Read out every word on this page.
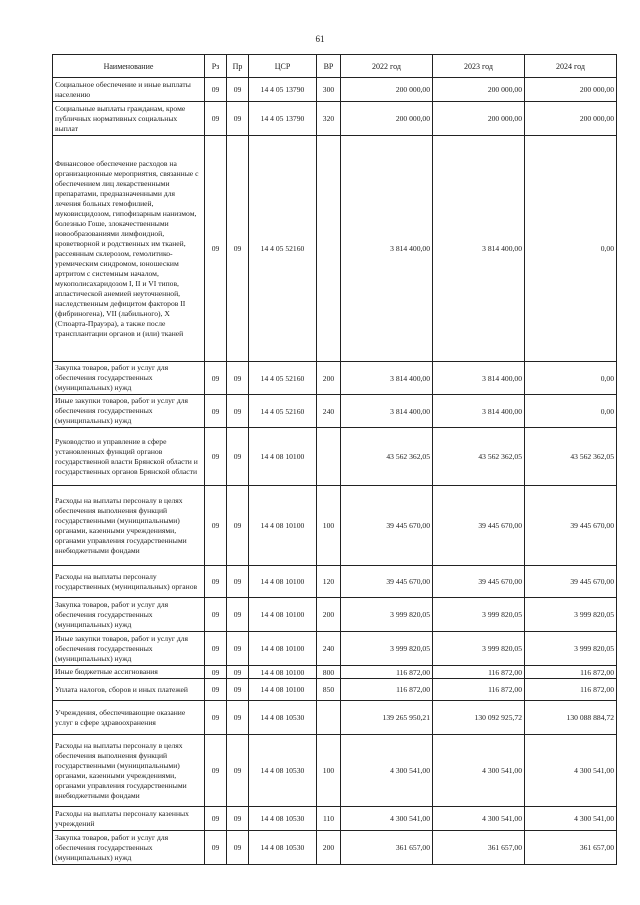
61
Наименование	Рз	Пр	ЦСР	ВР	2022 год	2023 год	2024 год
Социальное обеспечение и иные выплаты населению	09	09	14 4 05 13790	300	200 000,00	200 000,00	200 000,00
Социальные выплаты гражданам, кроме публичных нормативных социальных выплат	09	09	14 4 05 13790	320	200 000,00	200 000,00	200 000,00
Финансовое обеспечение расходов на организационные мероприятия, связанные с обеспечением лиц лекарственными препаратами, предназначенными для лечения больных гемофилией, муковисцидозом, гипофизарным нанизмом, болезнью Гоше, злокачественными новообразованиями лимфоидной, кроветворной и родственных им тканей, рассеянным склерозом, гемолитико-уремическим синдромом, юношеским артритом с системным началом, мукополисахаридозом I, II и VI типов, апластической анемией неуточненной, наследственным дефицитом факторов II (фибриногена), VII (лабильного), X (Стюарта-Прауэра), а также после трансплантации органов и (или) тканей	09	09	14 4 05 52160		3 814 400,00	3 814 400,00	0,00
Закупка товаров, работ и услуг для обеспечения государственных (муниципальных) нужд	09	09	14 4 05 52160	200	3 814 400,00	3 814 400,00	0,00
Иные закупки товаров, работ и услуг для обеспечения государственных (муниципальных) нужд	09	09	14 4 05 52160	240	3 814 400,00	3 814 400,00	0,00
Руководство и управление в сфере установленных функций органов государственной власти Брянской области и государственных органов Брянской области	09	09	14 4 08 10100		43 562 362,05	43 562 362,05	43 562 362,05
Расходы на выплаты персоналу в целях обеспечения выполнения функций государственными (муниципальными) органами, казенными учреждениями, органами управления государственными внебюджетными фондами	09	09	14 4 08 10100	100	39 445 670,00	39 445 670,00	39 445 670,00
Расходы на выплаты персоналу государственных (муниципальных) органов	09	09	14 4 08 10100	120	39 445 670,00	39 445 670,00	39 445 670,00
Закупка товаров, работ и услуг для обеспечения государственных (муниципальных) нужд	09	09	14 4 08 10100	200	3 999 820,05	3 999 820,05	3 999 820,05
Иные закупки товаров, работ и услуг для обеспечения государственных (муниципальных) нужд	09	09	14 4 08 10100	240	3 999 820,05	3 999 820,05	3 999 820,05
Иные бюджетные ассигнования	09	09	14 4 08 10100	800	116 872,00	116 872,00	116 872,00
Уплата налогов, сборов и иных платежей	09	09	14 4 08 10100	850	116 872,00	116 872,00	116 872,00
Учреждения, обеспечивающие оказание услуг в сфере здравоохранения	09	09	14 4 08 10530		139 265 950,21	130 092 925,72	130 088 884,72
Расходы на выплаты персоналу в целях обеспечения выполнения функций государственными (муниципальными) органами, казенными учреждениями, органами управления государственными внебюджетными фондами	09	09	14 4 08 10530	100	4 300 541,00	4 300 541,00	4 300 541,00
Расходы на выплаты персоналу казенных учреждений	09	09	14 4 08 10530	110	4 300 541,00	4 300 541,00	4 300 541,00
Закупка товаров, работ и услуг для обеспечения государственных (муниципальных) нужд	09	09	14 4 08 10530	200	361 657,00	361 657,00	361 657,00
